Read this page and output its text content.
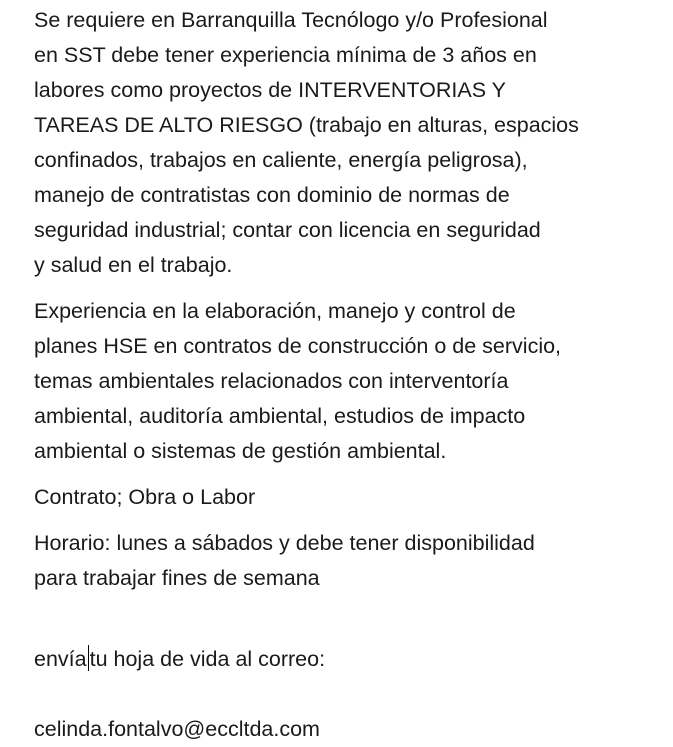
Se requiere en Barranquilla Tecnólogo y/o Profesional
en SST debe tener experiencia mínima de 3 años en
labores como proyectos de INTERVENTORIAS Y
TAREAS DE ALTO RIESGO (trabajo en alturas, espacios
confinados, trabajos en caliente, energía peligrosa),
manejo de contratistas con dominio de normas de
seguridad industrial; contar con licencia en seguridad
y salud en el trabajo.

Experiencia en la elaboración, manejo y control de
planes HSE en contratos de construcción o de servicio,
temas ambientales relacionados con interventoría
ambiental, auditoría ambiental, estudios de impacto
ambiental o sistemas de gestión ambiental.

Contrato; Obra o Labor

Horario: lunes a sábados y debe tener disponibilidad
para trabajar fines de semana

envía tu hoja de vida al correo:

celinda.fontalvo@eccltda.com
